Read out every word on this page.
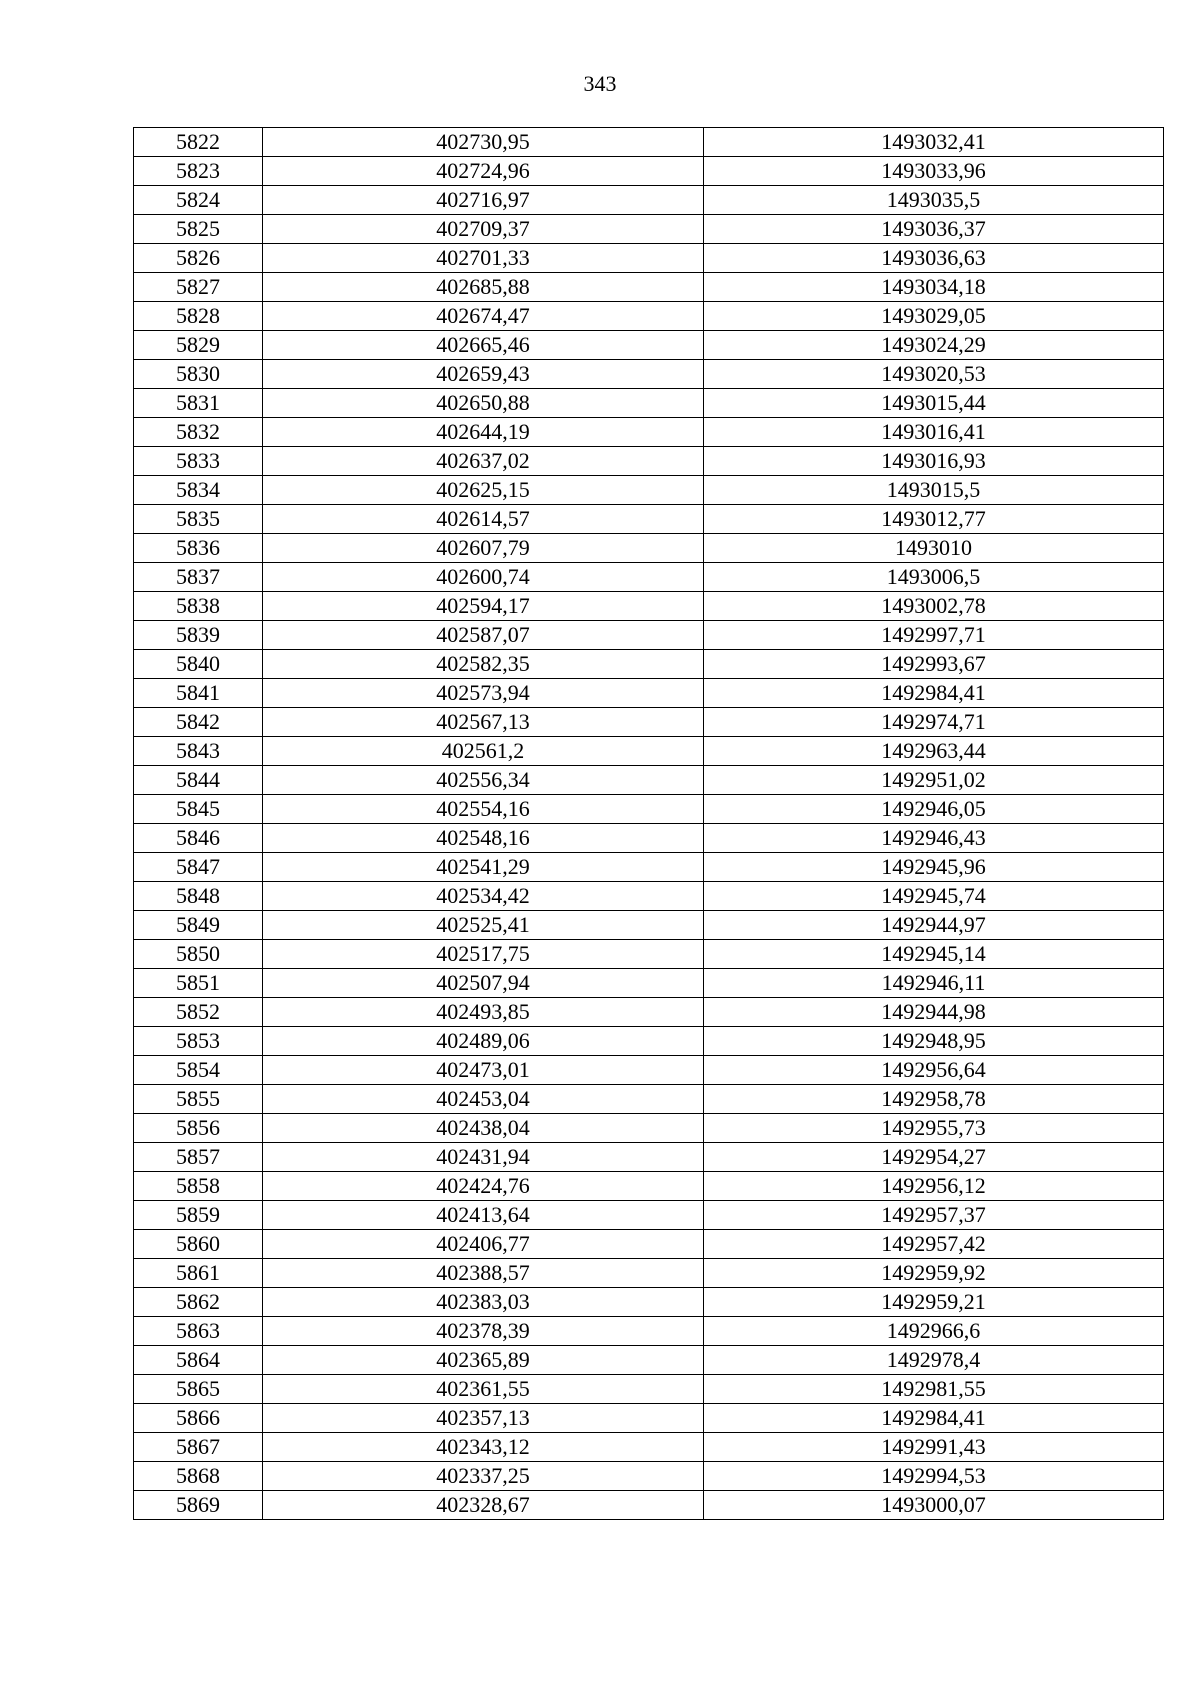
343
5822	402730,95	1493032,41
5823	402724,96	1493033,96
5824	402716,97	1493035,5
5825	402709,37	1493036,37
5826	402701,33	1493036,63
5827	402685,88	1493034,18
5828	402674,47	1493029,05
5829	402665,46	1493024,29
5830	402659,43	1493020,53
5831	402650,88	1493015,44
5832	402644,19	1493016,41
5833	402637,02	1493016,93
5834	402625,15	1493015,5
5835	402614,57	1493012,77
5836	402607,79	1493010
5837	402600,74	1493006,5
5838	402594,17	1493002,78
5839	402587,07	1492997,71
5840	402582,35	1492993,67
5841	402573,94	1492984,41
5842	402567,13	1492974,71
5843	402561,2	1492963,44
5844	402556,34	1492951,02
5845	402554,16	1492946,05
5846	402548,16	1492946,43
5847	402541,29	1492945,96
5848	402534,42	1492945,74
5849	402525,41	1492944,97
5850	402517,75	1492945,14
5851	402507,94	1492946,11
5852	402493,85	1492944,98
5853	402489,06	1492948,95
5854	402473,01	1492956,64
5855	402453,04	1492958,78
5856	402438,04	1492955,73
5857	402431,94	1492954,27
5858	402424,76	1492956,12
5859	402413,64	1492957,37
5860	402406,77	1492957,42
5861	402388,57	1492959,92
5862	402383,03	1492959,21
5863	402378,39	1492966,6
5864	402365,89	1492978,4
5865	402361,55	1492981,55
5866	402357,13	1492984,41
5867	402343,12	1492991,43
5868	402337,25	1492994,53
5869	402328,67	1493000,07
